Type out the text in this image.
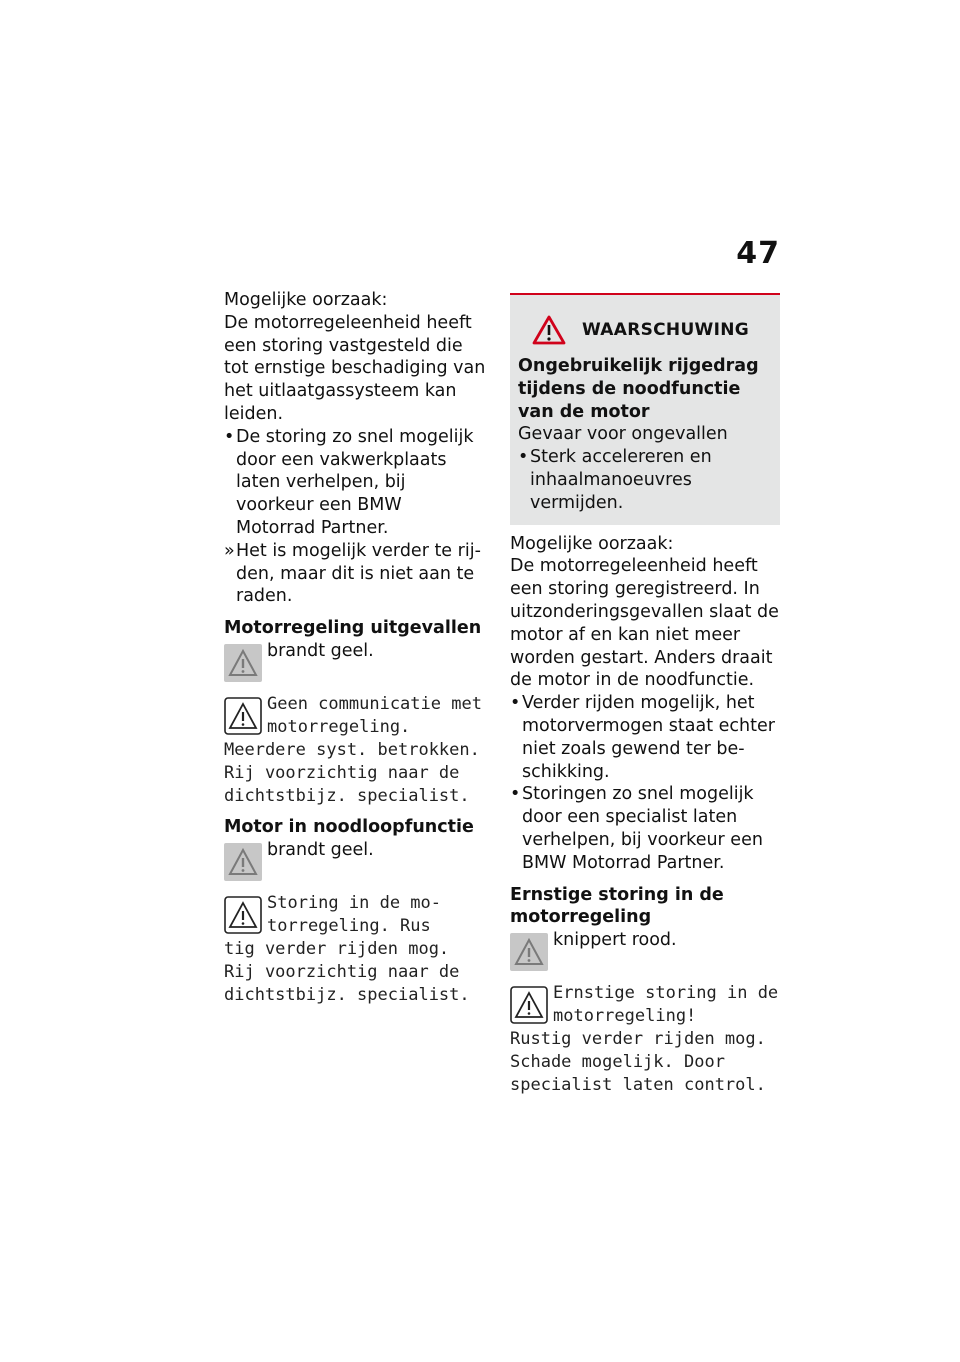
47

Mogelijke oorzaak:

De motorregeleenheid heeft een storing vastgesteld die tot ernstige beschadiging van het uitlaatgassysteem kan leiden.

• De storing zo snel mogelijk door een vakwerkplaats laten verhelpen, bij voorkeur een BMW Motorrad Partner.
» Het is mogelijk verder te rijden, maar dit is niet aan te raden.

Motorregeling uitgevallen

brandt geel.
Geen communicatie met motorregeling.
Meerdere syst. betrokken. Rij voorzichtig naar de dichtstbijz. specialist.

Motor in noodloopfunctie

brandt geel.
Storing in de motorregeling. Rus
tig verder rijden mog. Rij voorzichtig naar de dichtstbijz. specialist.
WAARSCHUWING

Ongebruikelijk rijgedrag tijdens de noodfunctie van de motor

Gevaar voor ongevallen

• Sterk accelereren en inhaalmanoeuvres vermijden.

Mogelijke oorzaak:

De motorregeleenheid heeft een storing geregistreerd. In uitzonderingsgevallen slaat de motor af en kan niet meer worden gestart. Anders draait de motor in de noodfunctie.

• Verder rijden mogelijk, het motorvermogen staat echter niet zoals gewend ter beschikking.
• Storingen zo snel mogelijk door een specialist laten verhelpen, bij voorkeur een BMW Motorrad Partner.

Ernstige storing in de motorregeling

knippert rood.
Ernstige storing in de motorregeling!
Rustig verder rijden mog. Schade mogelijk. Door specialist laten control.
